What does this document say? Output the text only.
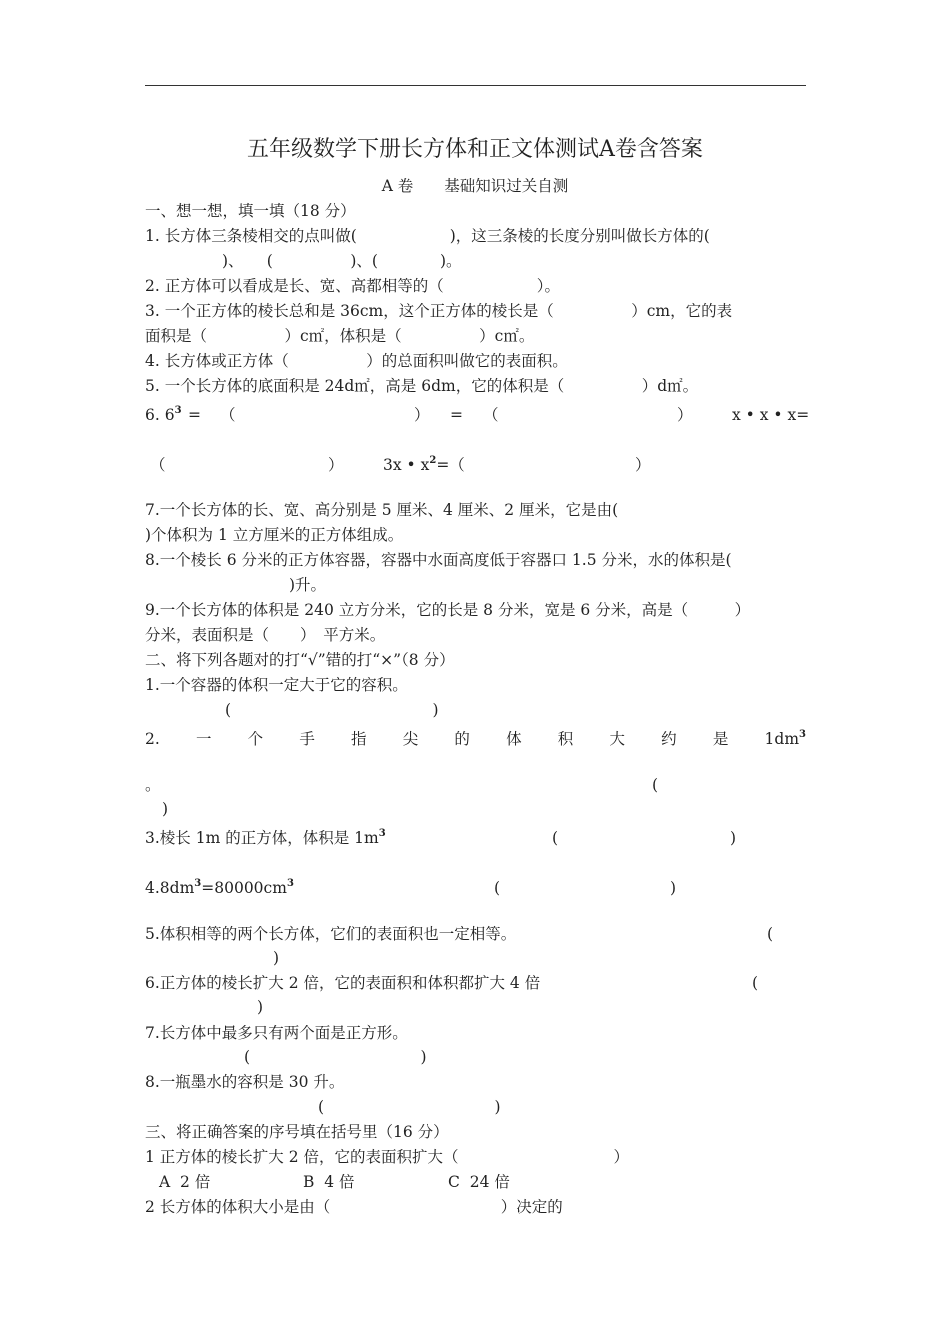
五年级数学下册长方体和正文体测试A卷含答案
A 卷　　基础知识过关自测
一、想一想，填一填（18 分）
1. 长方体三条棱相交的点叫做(　　　　　　)，这三条棱的长度分别叫做长方体的(
)、　　(　　　　　)、(　　　　)。
2. 正方体可以看成是长、宽、高都相等的（　　　　　　）。
3. 一个正方体的棱长总和是 36cm，这个正方体的棱长是（　　　　　）cm，它的表
面积是（　　　　　）c㎡，体积是（　　　　　）c㎡。
4. 长方体或正方体（　　　　　）的总面积叫做它的表面积。
5. 一个长方体的底面积是 24d㎡，高是 6dm，它的体积是（　　　　　）d㎡。
6. $6^3$ = （	） = （	）	x • x • x=
（	）	3x • $x^2=$（	）
7.一个长方体的长、宽、高分别是 5 厘米、4 厘米、2 厘米，它是由(
)个体积为 1 立方厘米的正方体组成。
8.一个棱长 6 分米的正方体容器，容器中水面高度低于容器口 1.5 分米，水的体积是(
)升。
9.一个长方体的体积是 240 立方分米，它的长是 8 分米，宽是 6 分米，高是（　　　）
分米，表面积是（　　）　平方米。
二、将下列各题对的打“√”错的打“×”（8 分）
1.一个容器的体积一定大于它的容积。
(　　　　　　　　　　　　　)
2. 一 个 手 指 尖 的 体 积 大 约 是 $1dm^3$
。	(
)
3.棱长 1m 的正方体，体积是 $1m^3$	(	)
$4.8dm^3=80000cm^3$	(	)
5.体积相等的两个长方体，它们的表面积也一定相等。	(
)
6.正方体的棱长扩大 2 倍，它的表面积和体积都扩大 4 倍	(
)
7.长方体中最多只有两个面是正方形。
(　　　　　　　　　　　)
8.一瓶墨水的容积是 30 升。
(　　　　　　　　　　　)
三、将正确答案的序号填在括号里（16 分）
1 正方体的棱长扩大 2 倍，它的表面积扩大（　　　　　　　　　　）
A  2 倍	B  4 倍	C  24 倍
2 长方体的体积大小是由（　　　　　　　　　　　）决定的
